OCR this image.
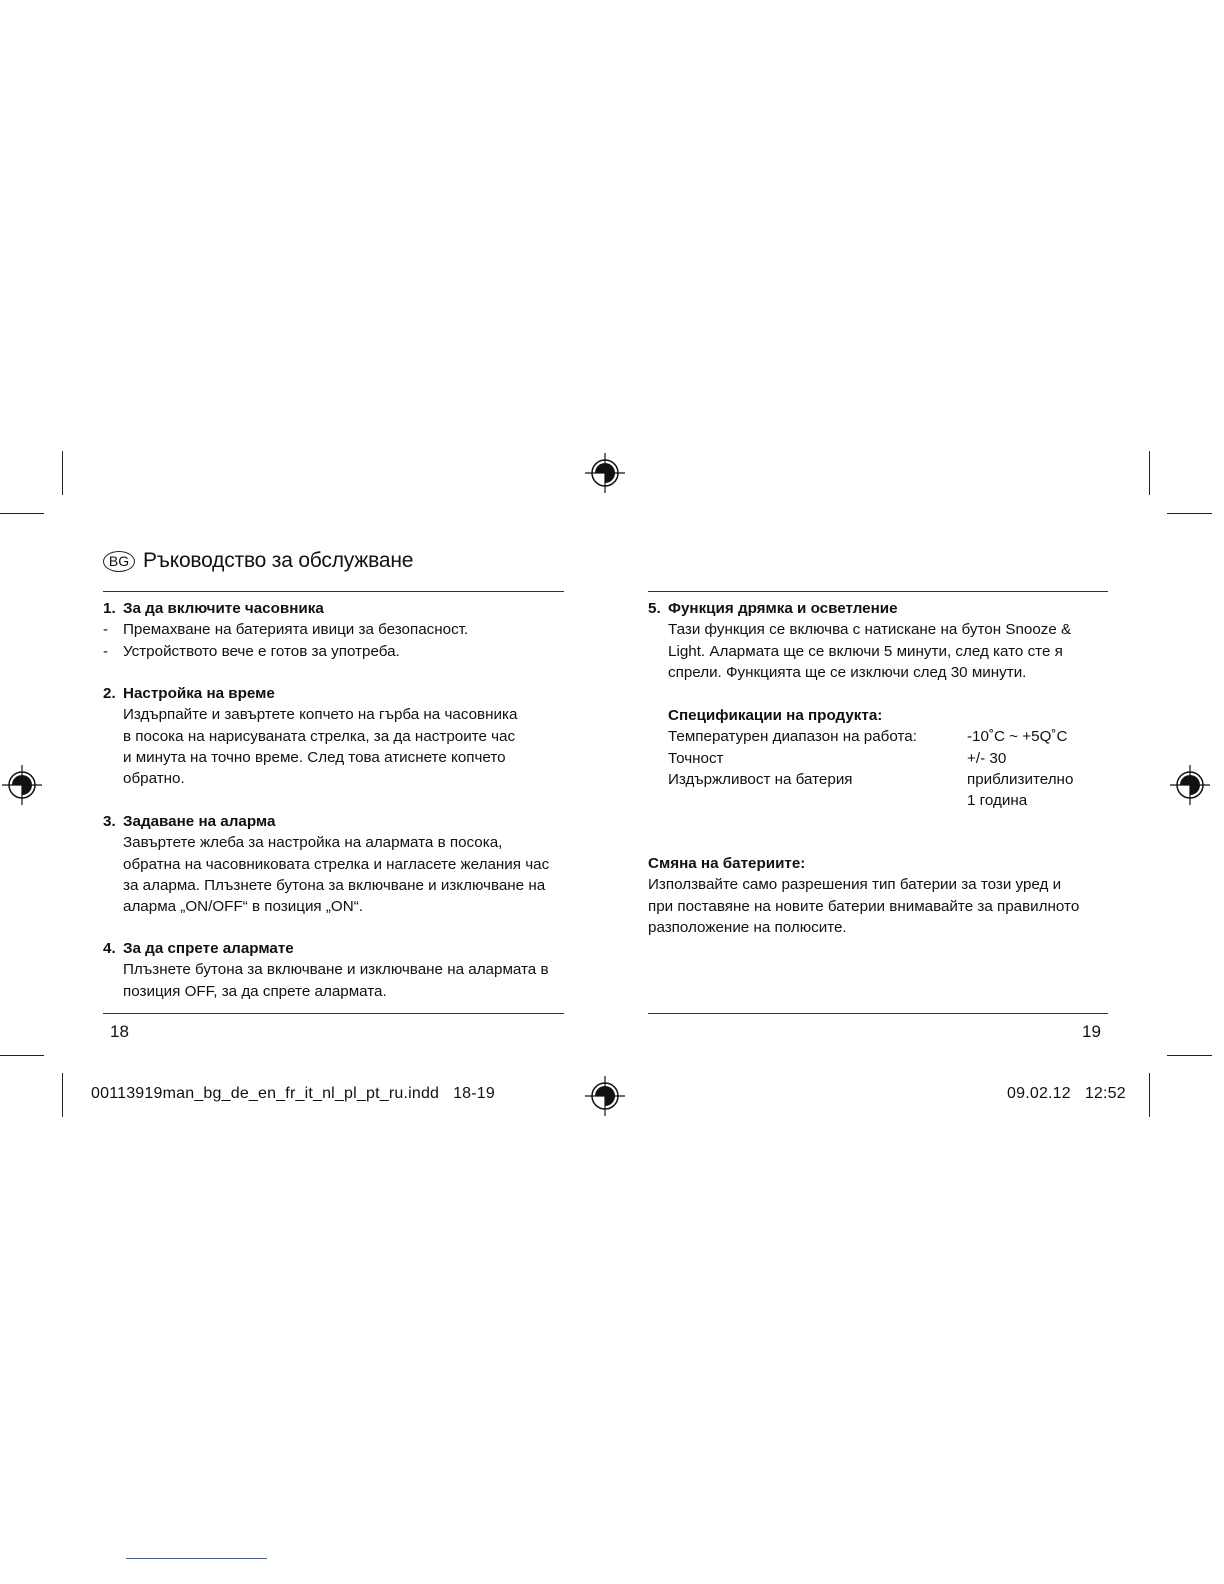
BG Ръководство за обслужване
1. За да включите часовника
- Премахване на батерията ивици за безопасност.
- Устройството вече е готов за употреба.
2. Настройка на време
Издърпайте и завъртете копчето на гърба на часовника
в посока на нарисуваната стрелка, за да настроите час
и минута на точно време. След това атиснете копчето
обратно.
3. Задаване на аларма
Завъртете жлеба за настройка на алармата в посока,
обратна на часовниковата стрелка и нагласете желания час
за аларма. Плъзнете бутона за включване и изключване на
аларма „ON/OFF“ в позиция „ON“.
4. За да спрете алармате
Плъзнете бутона за включване и изключване на алармата в
позиция OFF, за да спрете алармата.
18
5. Функция дрямка и осветление
Тази функция се включва с натискане на бутон Snooze &
Light. Алармата ще се включи 5 минути, след като сте я
спрели. Функцията ще се изключи след 30 минути.
Спецификации на продукта:
Температурен диапазон на работа:	-10˚C ~ +5Q˚C
Точност	+/- 30
Издържливост на батерия	приблизително
1 година
Смяна на батериите:
Използвайте само разрешения тип батерии за този уред и
при поставяне на новите батерии внимавайте за правилното
разположение на полюсите.
19
00113919man_bg_de_en_fr_it_nl_pl_pt_ru.indd   18-19	09.02.12   12:52
